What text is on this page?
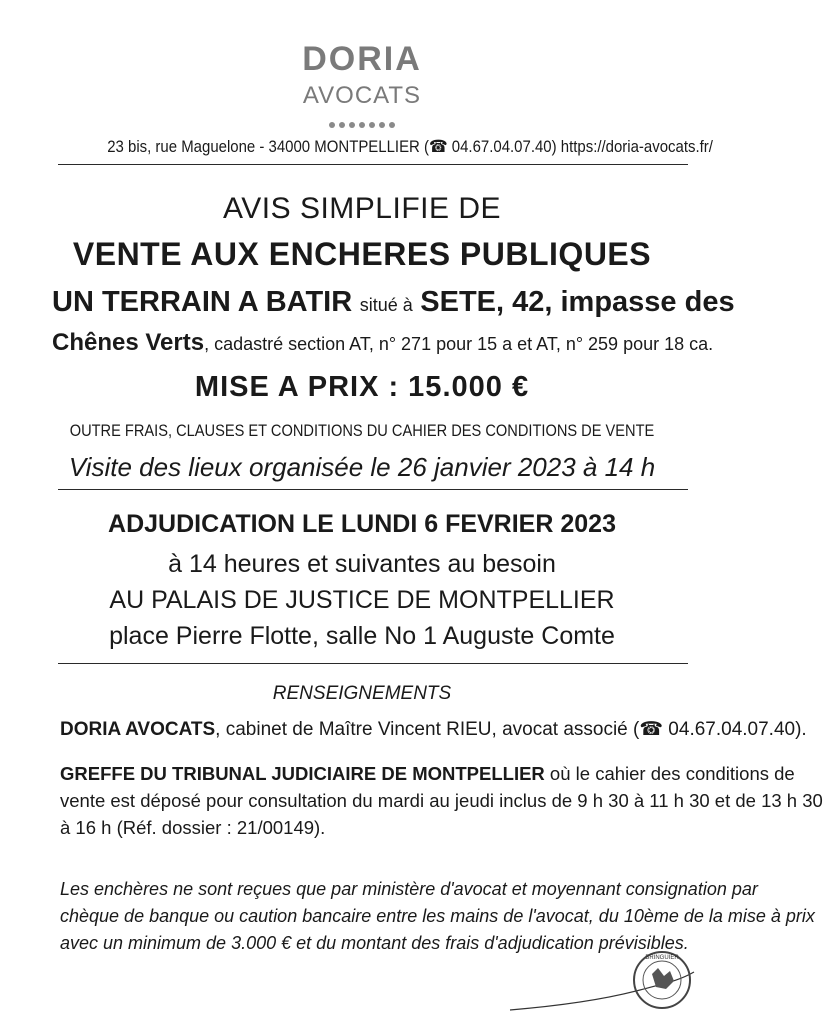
DORIA
AVOCATS
23 bis, rue Maguelone - 34000 MONTPELLIER (☎ 04.67.04.07.40) https://doria-avocats.fr/
AVIS SIMPLIFIE DE
VENTE AUX ENCHERES PUBLIQUES
UN TERRAIN A BATIR situé à SETE, 42, impasse des
Chênes Verts, cadastré section AT, n° 271 pour 15 a et AT, n° 259 pour 18 ca.
MISE A PRIX : 15.000 €
OUTRE FRAIS, CLAUSES ET CONDITIONS DU CAHIER DES CONDITIONS DE VENTE
Visite des lieux organisée le 26 janvier 2023 à 14 h
ADJUDICATION LE LUNDI 6 FEVRIER 2023
à 14 heures et suivantes au besoin
AU PALAIS DE JUSTICE DE MONTPELLIER
place Pierre Flotte, salle No 1 Auguste Comte
RENSEIGNEMENTS
DORIA AVOCATS, cabinet de Maître Vincent RIEU, avocat associé (☎ 04.67.04.07.40).
GREFFE DU TRIBUNAL JUDICIAIRE DE MONTPELLIER où le cahier des conditions de
vente est déposé pour consultation du mardi au jeudi inclus de 9 h 30 à 11 h 30 et de 13 h 30
à 16 h (Réf. dossier : 21/00149).
Les enchères ne sont reçues que par ministère d'avocat et moyennant consignation par
chèque de banque ou caution bancaire entre les mains de l'avocat, du 10ème de la mise à prix
avec un minimum de 3.000 € et du montant des frais d'adjudication prévisibles.
BRINGUIER
